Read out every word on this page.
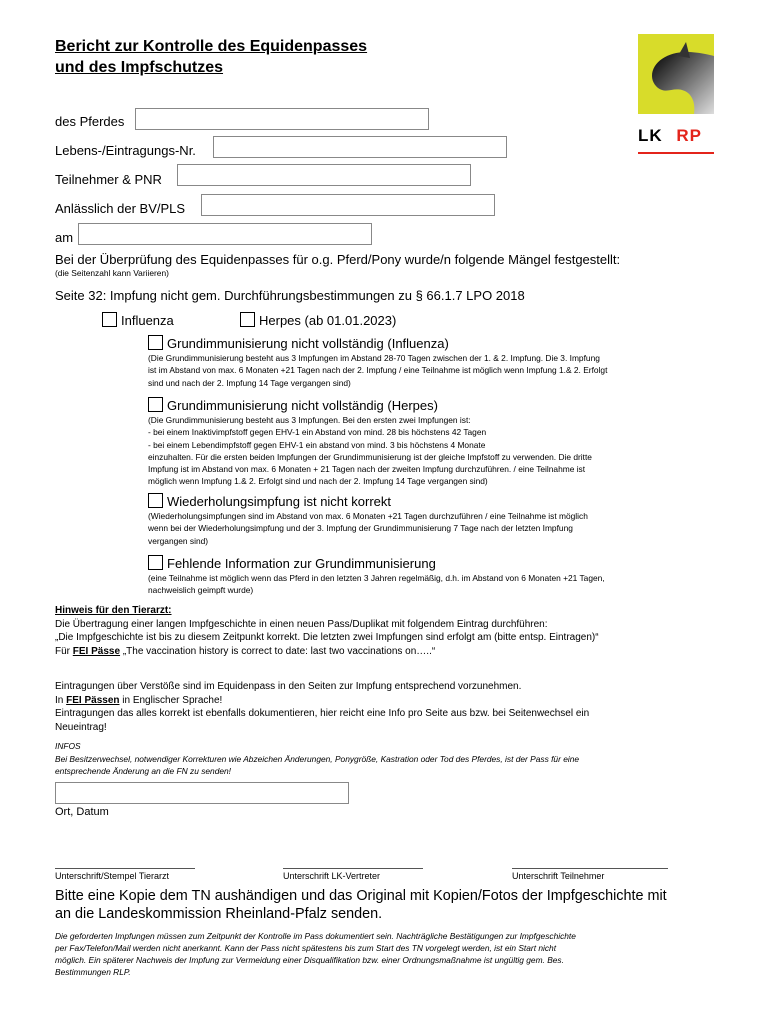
Bericht zur Kontrolle des Equidenpasses
und des Impfschutzes
LK RP
des Pferdes
Lebens-/Eintragungs-Nr.
Teilnehmer & PNR
Anlässlich der BV/PLS
am
Bei der Überprüfung des Equidenpasses für o.g. Pferd/Pony wurde/n folgende Mängel festgestellt:
(die Seitenzahl kann Variieren)
Seite 32: Impfung nicht gem. Durchführungsbestimmungen zu § 66.1.7 LPO 2018
Influenza	Herpes (ab 01.01.2023)
Grundimmunisierung nicht vollständig (Influenza)
(Die Grundimmunisierung besteht aus 3 Impfungen im Abstand 28-70 Tagen zwischen der 1. & 2. Impfung. Die 3. Impfung
ist im Abstand von max. 6 Monaten +21 Tagen nach der 2. Impfung / eine Teilnahme ist möglich wenn Impfung 1.& 2. Erfolgt
sind und nach der 2. Impfung 14 Tage vergangen sind)
Grundimmunisierung nicht vollständig (Herpes)
(Die Grundimmunisierung besteht aus 3 Impfungen. Bei den ersten zwei Impfungen ist:
- bei einem Inaktivimpfstoff gegen EHV-1 ein Abstand von mind. 28 bis höchstens 42 Tagen
- bei einem Lebendimpfstoff gegen EHV-1 ein abstand von mind. 3 bis höchstens 4 Monate
einzuhalten. Für die ersten beiden Impfungen der Grundimmunisierung ist der gleiche Impfstoff zu verwenden. Die dritte
Impfung ist im Abstand von max. 6 Monaten + 21 Tagen nach der zweiten Impfung durchzuführen. / eine Teilnahme ist
möglich wenn Impfung 1.& 2. Erfolgt sind und nach der 2. Impfung 14 Tage vergangen sind)
Wiederholungsimpfung ist nicht korrekt
(Wiederholungsimpfungen sind im Abstand von max. 6 Monaten +21 Tagen durchzuführen / eine Teilnahme ist möglich
wenn bei der Wiederholungsimpfung und der 3. Impfung der Grundimmunisierung 7 Tage nach der letzten Impfung
vergangen sind)
Fehlende Information zur Grundimmunisierung
(eine Teilnahme ist möglich wenn das Pferd in den letzten 3 Jahren regelmäßig, d.h. im Abstand von 6 Monaten +21 Tagen,
nachweislich geimpft wurde)
Hinweis für den Tierarzt:
Die Übertragung einer langen Impfgeschichte in einen neuen Pass/Duplikat mit folgendem Eintrag durchführen:
„Die Impfgeschichte ist bis zu diesem Zeitpunkt korrekt. Die letzten zwei Impfungen sind erfolgt am (bitte entsp. Eintragen)“
Für FEI Pässe „The vaccination history is correct to date: last two vaccinations on…..“
Eintragungen über Verstöße sind im Equidenpass in den Seiten zur Impfung entsprechend vorzunehmen.
In FEI Pässen in Englischer Sprache!
Eintragungen das alles korrekt ist ebenfalls dokumentieren, hier reicht eine Info pro Seite aus bzw. bei Seitenwechsel ein
Neueintrag!
INFOS
Bei Besitzerwechsel, notwendiger Korrekturen wie Abzeichen Änderungen, Ponygröße, Kastration oder Tod des Pferdes, ist der Pass für eine
entsprechende Änderung an die FN zu senden!
Ort, Datum
Unterschrift/Stempel Tierarzt	Unterschrift LK-Vertreter	Unterschrift Teilnehmer
Bitte eine Kopie dem TN aushändigen und das Original mit Kopien/Fotos der Impfgeschichte mit
an die Landeskommission Rheinland-Pfalz senden.
Die geforderten Impfungen müssen zum Zeitpunkt der Kontrolle im Pass dokumentiert sein. Nachträgliche Bestätigungen zur Impfgeschichte
per Fax/Telefon/Mail werden nicht anerkannt. Kann der Pass nicht spätestens bis zum Start des TN vorgelegt werden, ist ein Start nicht
möglich. Ein späterer Nachweis der Impfung zur Vermeidung einer Disqualifikation bzw. einer Ordnungsmaßnahme ist ungültig gem. Bes.
Bestimmungen RLP.
